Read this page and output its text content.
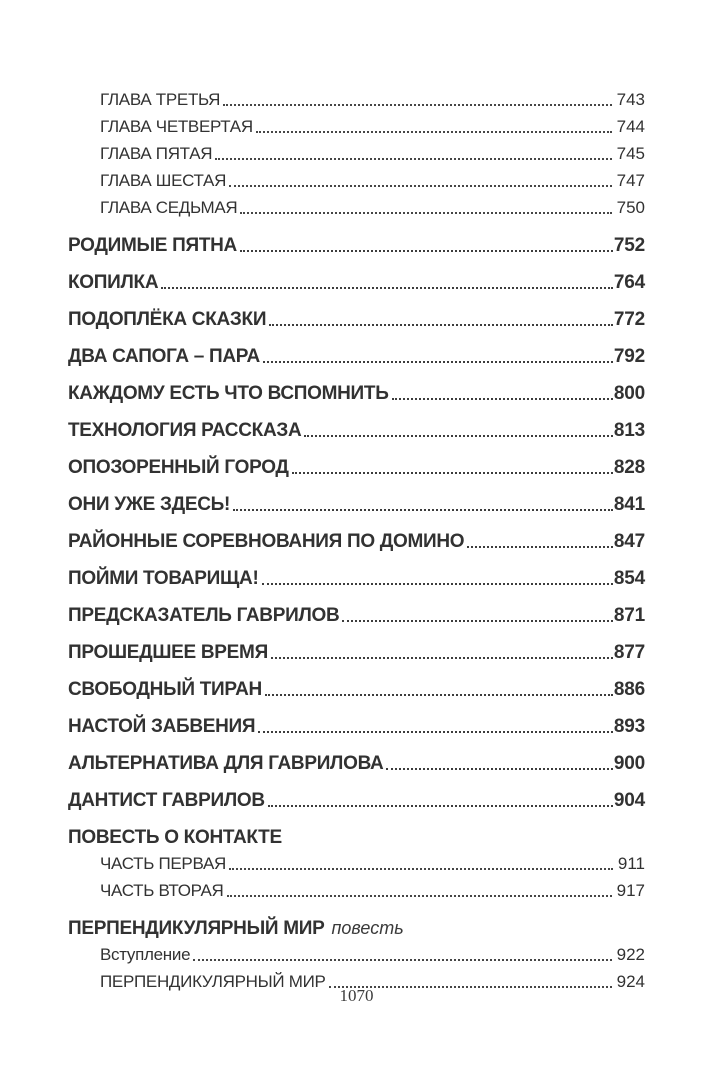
ГЛАВА ТРЕТЬЯ	743
ГЛАВА ЧЕТВЕРТАЯ	744
ГЛАВА ПЯТАЯ	745
ГЛАВА ШЕСТАЯ	747
ГЛАВА СЕДЬМАЯ	750
РОДИМЫЕ ПЯТНА	752
КОПИЛКА	764
ПОДОПЛЁКА СКАЗКИ	772
ДВА САПОГА – ПАРА	792
КАЖДОМУ ЕСТЬ ЧТО ВСПОМНИТЬ	800
ТЕХНОЛОГИЯ РАССКАЗА	813
ОПОЗОРЕННЫЙ ГОРОД	828
ОНИ УЖЕ ЗДЕСЬ!	841
РАЙОННЫЕ СОРЕВНОВАНИЯ ПО ДОМИНО	847
ПОЙМИ ТОВАРИЩА!	854
ПРЕДСКАЗАТЕЛЬ ГАВРИЛОВ	871
ПРОШЕДШЕЕ ВРЕМЯ	877
СВОБОДНЫЙ ТИРАН	886
НАСТОЙ ЗАБВЕНИЯ	893
АЛЬТЕРНАТИВА ДЛЯ ГАВРИЛОВА	900
ДАНТИСТ ГАВРИЛОВ	904
ПОВЕСТЬ О КОНТАКТЕ
ЧАСТЬ ПЕРВАЯ	911
ЧАСТЬ ВТОРАЯ	917
ПЕРПЕНДИКУЛЯРНЫЙ МИР повесть
Вступление	922
ПЕРПЕНДИКУЛЯРНЫЙ МИР	924
1070
